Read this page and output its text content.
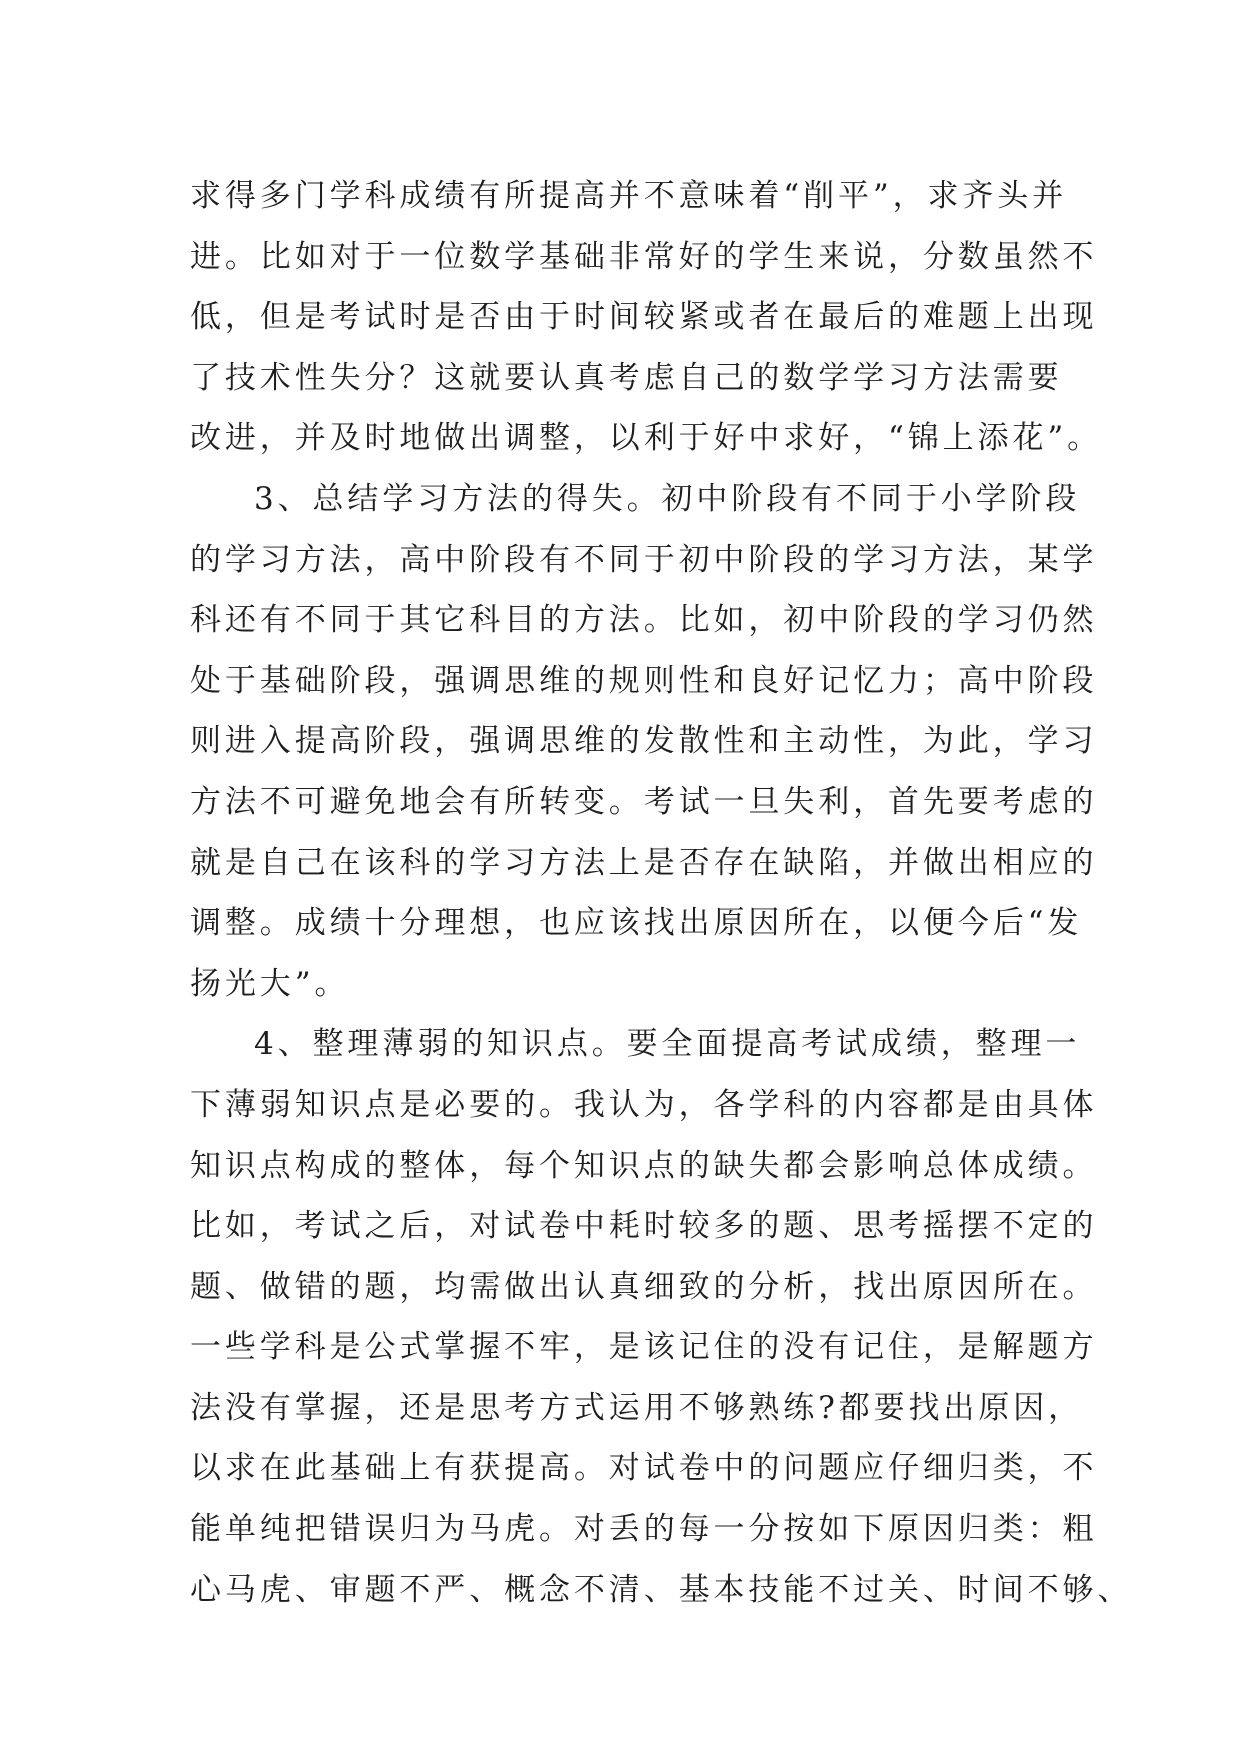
求得多门学科成绩有所提高并不意味着“削平”，求齐头并
进。比如对于一位数学基础非常好的学生来说，分数虽然不
低，但是考试时是否由于时间较紧或者在最后的难题上出现
了技术性失分？这就要认真考虑自己的数学学习方法需要
改进，并及时地做出调整，以利于好中求好，“锦上添花”。
3、总结学习方法的得失。初中阶段有不同于小学阶段
的学习方法，高中阶段有不同于初中阶段的学习方法，某学
科还有不同于其它科目的方法。比如，初中阶段的学习仍然
处于基础阶段，强调思维的规则性和良好记忆力；高中阶段
则进入提高阶段，强调思维的发散性和主动性，为此，学习
方法不可避免地会有所转变。考试一旦失利，首先要考虑的
就是自己在该科的学习方法上是否存在缺陷，并做出相应的
调整。成绩十分理想，也应该找出原因所在，以便今后“发
扬光大”。
4、整理薄弱的知识点。要全面提高考试成绩，整理一
下薄弱知识点是必要的。我认为，各学科的内容都是由具体
知识点构成的整体，每个知识点的缺失都会影响总体成绩。
比如，考试之后，对试卷中耗时较多的题、思考摇摆不定的
题、做错的题，均需做出认真细致的分析，找出原因所在。
一些学科是公式掌握不牢，是该记住的没有记住，是解题方
法没有掌握，还是思考方式运用不够熟练?都要找出原因，
以求在此基础上有获提高。对试卷中的问题应仔细归类，不
能单纯把错误归为马虎。对丢的每一分按如下原因归类：粗
心马虎、审题不严、概念不清、基本技能不过关、时间不够、
